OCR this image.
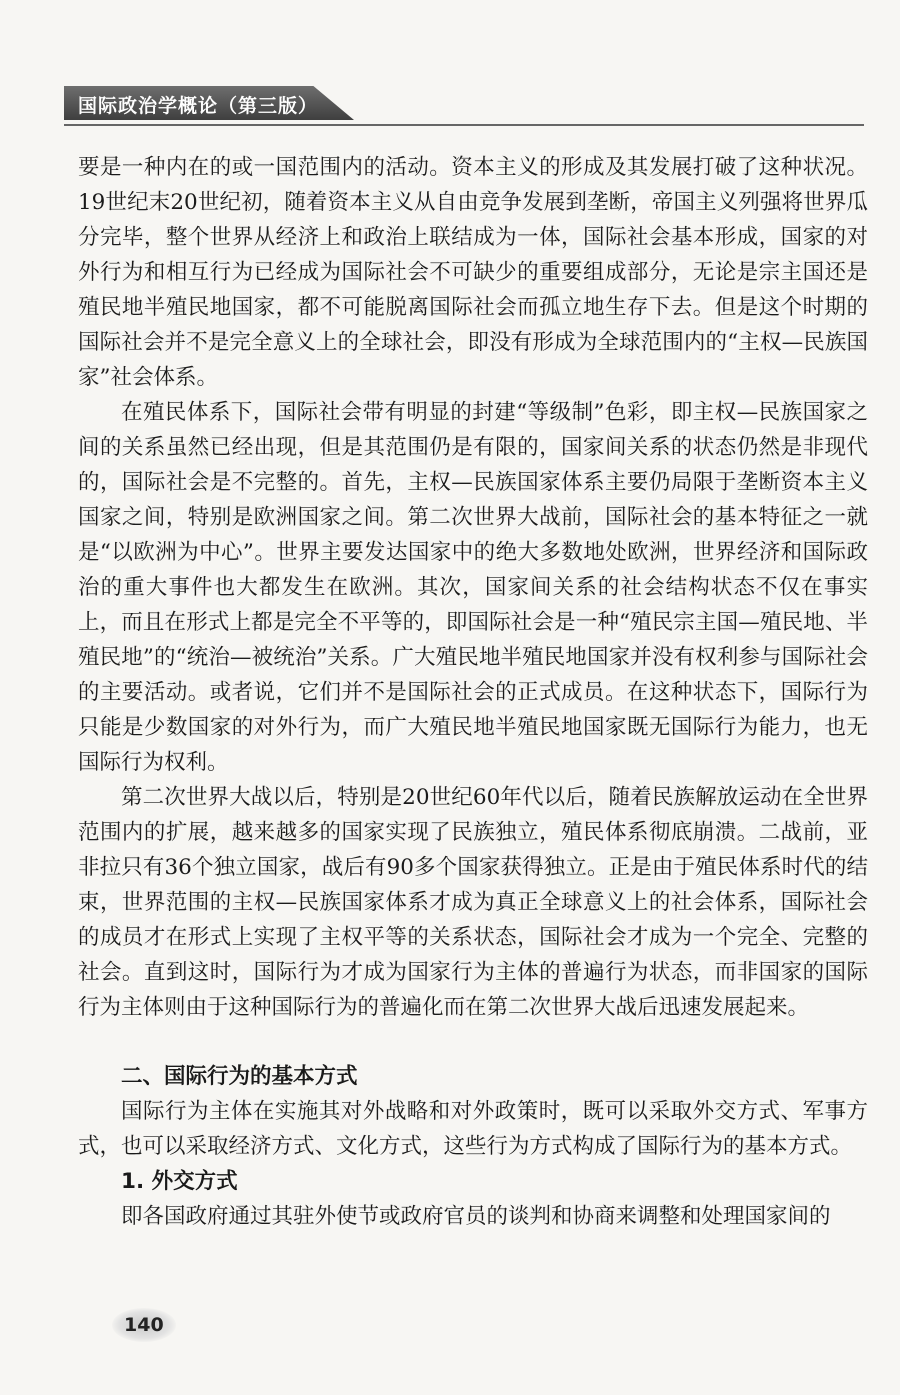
国际政治学概论（第三版）

要是一种内在的或一国范围内的活动。资本主义的形成及其发展打破了这种状况。19世纪末20世纪初，随着资本主义从自由竞争发展到垄断，帝国主义列强将世界瓜分完毕，整个世界从经济上和政治上联结成为一体，国际社会基本形成，国家的对外行为和相互行为已经成为国际社会不可缺少的重要组成部分，无论是宗主国还是殖民地半殖民地国家，都不可能脱离国际社会而孤立地生存下去。但是这个时期的国际社会并不是完全意义上的全球社会，即没有形成为全球范围内的“主权—民族国家”社会体系。

在殖民体系下，国际社会带有明显的封建“等级制”色彩，即主权—民族国家之间的关系虽然已经出现，但是其范围仍是有限的，国家间关系的状态仍然是非现代的，国际社会是不完整的。首先，主权—民族国家体系主要仍局限于垄断资本主义国家之间，特别是欧洲国家之间。第二次世界大战前，国际社会的基本特征之一就是“以欧洲为中心”。世界主要发达国家中的绝大多数地处欧洲，世界经济和国际政治的重大事件也大都发生在欧洲。其次，国家间关系的社会结构状态不仅在事实上，而且在形式上都是完全不平等的，即国际社会是一种“殖民宗主国—殖民地、半殖民地”的“统治—被统治”关系。广大殖民地半殖民地国家并没有权利参与国际社会的主要活动。或者说，它们并不是国际社会的正式成员。在这种状态下，国际行为只能是少数国家的对外行为，而广大殖民地半殖民地国家既无国际行为能力，也无国际行为权利。

第二次世界大战以后，特别是20世纪60年代以后，随着民族解放运动在全世界范围内的扩展，越来越多的国家实现了民族独立，殖民体系彻底崩溃。二战前，亚非拉只有36个独立国家，战后有90多个国家获得独立。正是由于殖民体系时代的结束，世界范围的主权—民族国家体系才成为真正全球意义上的社会体系，国际社会的成员才在形式上实现了主权平等的关系状态，国际社会才成为一个完全、完整的社会。直到这时，国际行为才成为国家行为主体的普遍行为状态，而非国家的国际行为主体则由于这种国际行为的普遍化而在第二次世界大战后迅速发展起来。

二、国际行为的基本方式

国际行为主体在实施其对外战略和对外政策时，既可以采取外交方式、军事方式，也可以采取经济方式、文化方式，这些行为方式构成了国际行为的基本方式。

1. 外交方式

即各国政府通过其驻外使节或政府官员的谈判和协商来调整和处理国家间的

140
